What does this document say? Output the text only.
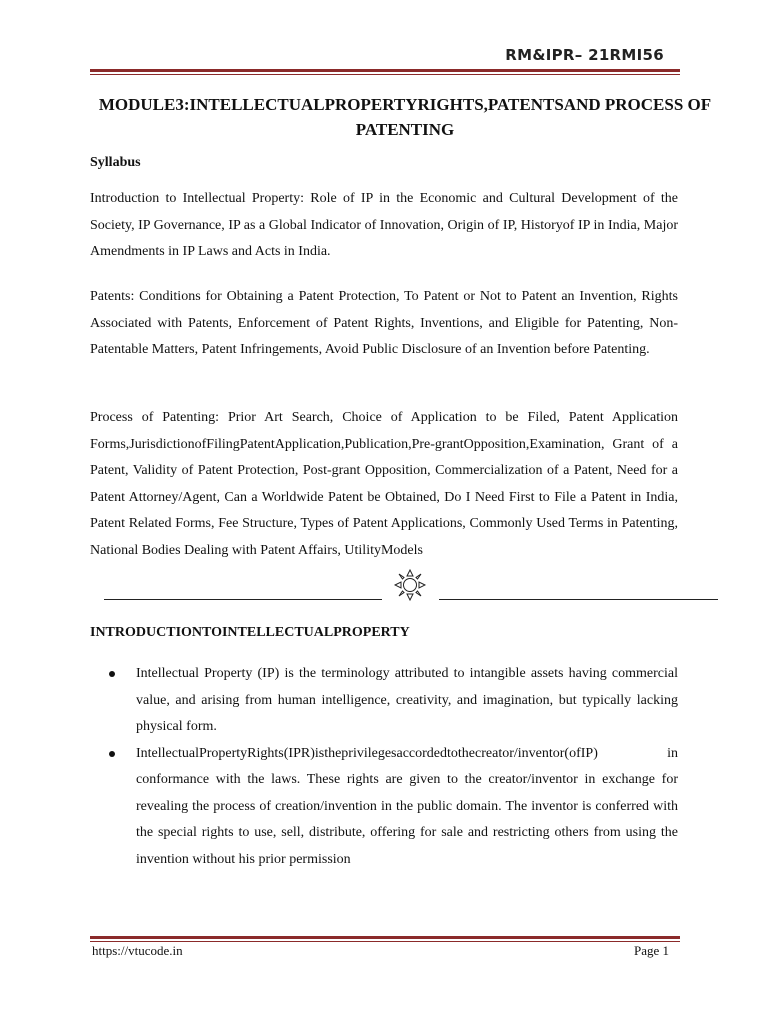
RM&IPR– 21RMI56
MODULE3:INTELLECTUALPROPERTYRIGHTS,PATENTSAND PROCESS OF PATENTING
Syllabus
Introduction to Intellectual Property: Role of IP in the Economic and Cultural Development of the Society, IP Governance, IP as a Global Indicator of Innovation, Origin of IP, Historyof IP in India, Major Amendments in IP Laws and Acts in India.
Patents: Conditions for Obtaining a Patent Protection, To Patent or Not to Patent an Invention, Rights Associated with Patents, Enforcement of Patent Rights, Inventions, and Eligible for Patenting, Non-Patentable Matters, Patent Infringements, Avoid Public Disclosure of an Invention before Patenting.
Process of Patenting: Prior Art Search, Choice of Application to be Filed, Patent Application Forms,JurisdictionofFilingPatentApplication,Publication,Pre-grantOpposition,Examination, Grant of a Patent, Validity of Patent Protection, Post-grant Opposition, Commercialization of a Patent, Need for a Patent Attorney/Agent, Can a Worldwide Patent be Obtained, Do I Need First to File a Patent in India, Patent Related Forms, Fee Structure, Types of Patent Applications, Commonly Used Terms in Patenting, National Bodies Dealing with Patent Affairs, UtilityModels
INTRODUCTIONTOINTELLECTUALPROPERTY
Intellectual Property (IP) is the terminology attributed to intangible assets having commercial value, and arising from human intelligence, creativity, and imagination, but typically lacking physical form.
IntellectualPropertyRights(IPR)istheprivilegesaccordedtothecreator/inventor(ofIP) in conformance with the laws. These rights are given to the creator/inventor in exchange for revealing the process of creation/invention in the public domain. The inventor is conferred with the special rights to use, sell, distribute, offering for sale and restricting others from using the invention without his prior permission
https://vtucode.in	Page 1
